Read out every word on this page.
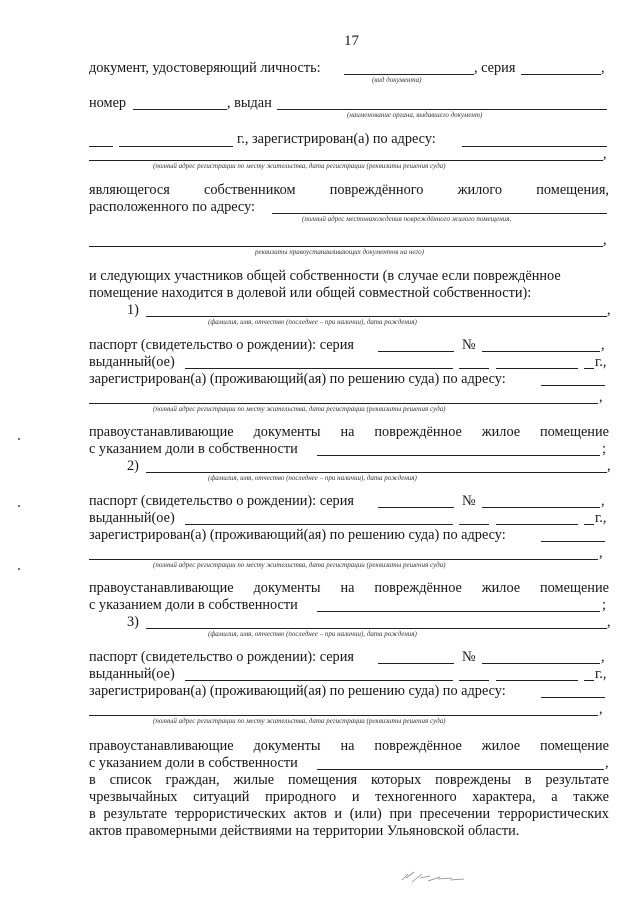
17
документ, удостоверяющий личность:	, серия	,
(вид документа)
номер	, выдан
(наименование органа, выдавшего документ)
г., зарегистрирован(а) по адресу:
,
(полный адрес регистрации по месту жительства, дата регистрации (реквизиты решения суда)
являющегося собственником повреждённого жилого помещения,
расположенного по адресу:
(полный адрес местонахождения повреждённого жилого помещения,
,
реквизиты правоустанавливающих документов на него)
и следующих участников общей собственности (в случае если повреждённое
помещение находится в долевой или общей совместной собственности):
1)	,
(фамилия, имя, отчество (последнее – при наличии), дата рождения)
паспорт (свидетельство о рождении): серия	№	,
выданный(ое)	г.,
зарегистрирован(а) (проживающий(ая) по решению суда) по адресу:
,
(полный адрес регистрации по месту жительства, дата регистрации (реквизиты решения суда)
правоустанавливающие документы на повреждённое жилое помещение
с указанием доли в собственности	;
2)	,
(фамилия, имя, отчество (последнее – при наличии), дата рождения)
паспорт (свидетельство о рождении): серия	№	,
выданный(ое)	г.,
зарегистрирован(а) (проживающий(ая) по решению суда) по адресу:
,
(полный адрес регистрации по месту жительства, дата регистрации (реквизиты решения суда)
правоустанавливающие документы на повреждённое жилое помещение
с указанием доли в собственности	;
3)	,
(фамилия, имя, отчество (последнее – при наличии), дата рождения)
паспорт (свидетельство о рождении): серия	№	,
выданный(ое)	г.,
зарегистрирован(а) (проживающий(ая) по решению суда) по адресу:
,
(полный адрес регистрации по месту жительства, дата регистрации (реквизиты решения суда)
правоустанавливающие документы на повреждённое жилое помещение
с указанием доли в собственности	,
в список граждан, жилые помещения которых повреждены в результате
чрезвычайных ситуаций природного и техногенного характера, а также
в результате террористических актов и (или) при пресечении террористических
актов правомерными действиями на территории Ульяновской области.
